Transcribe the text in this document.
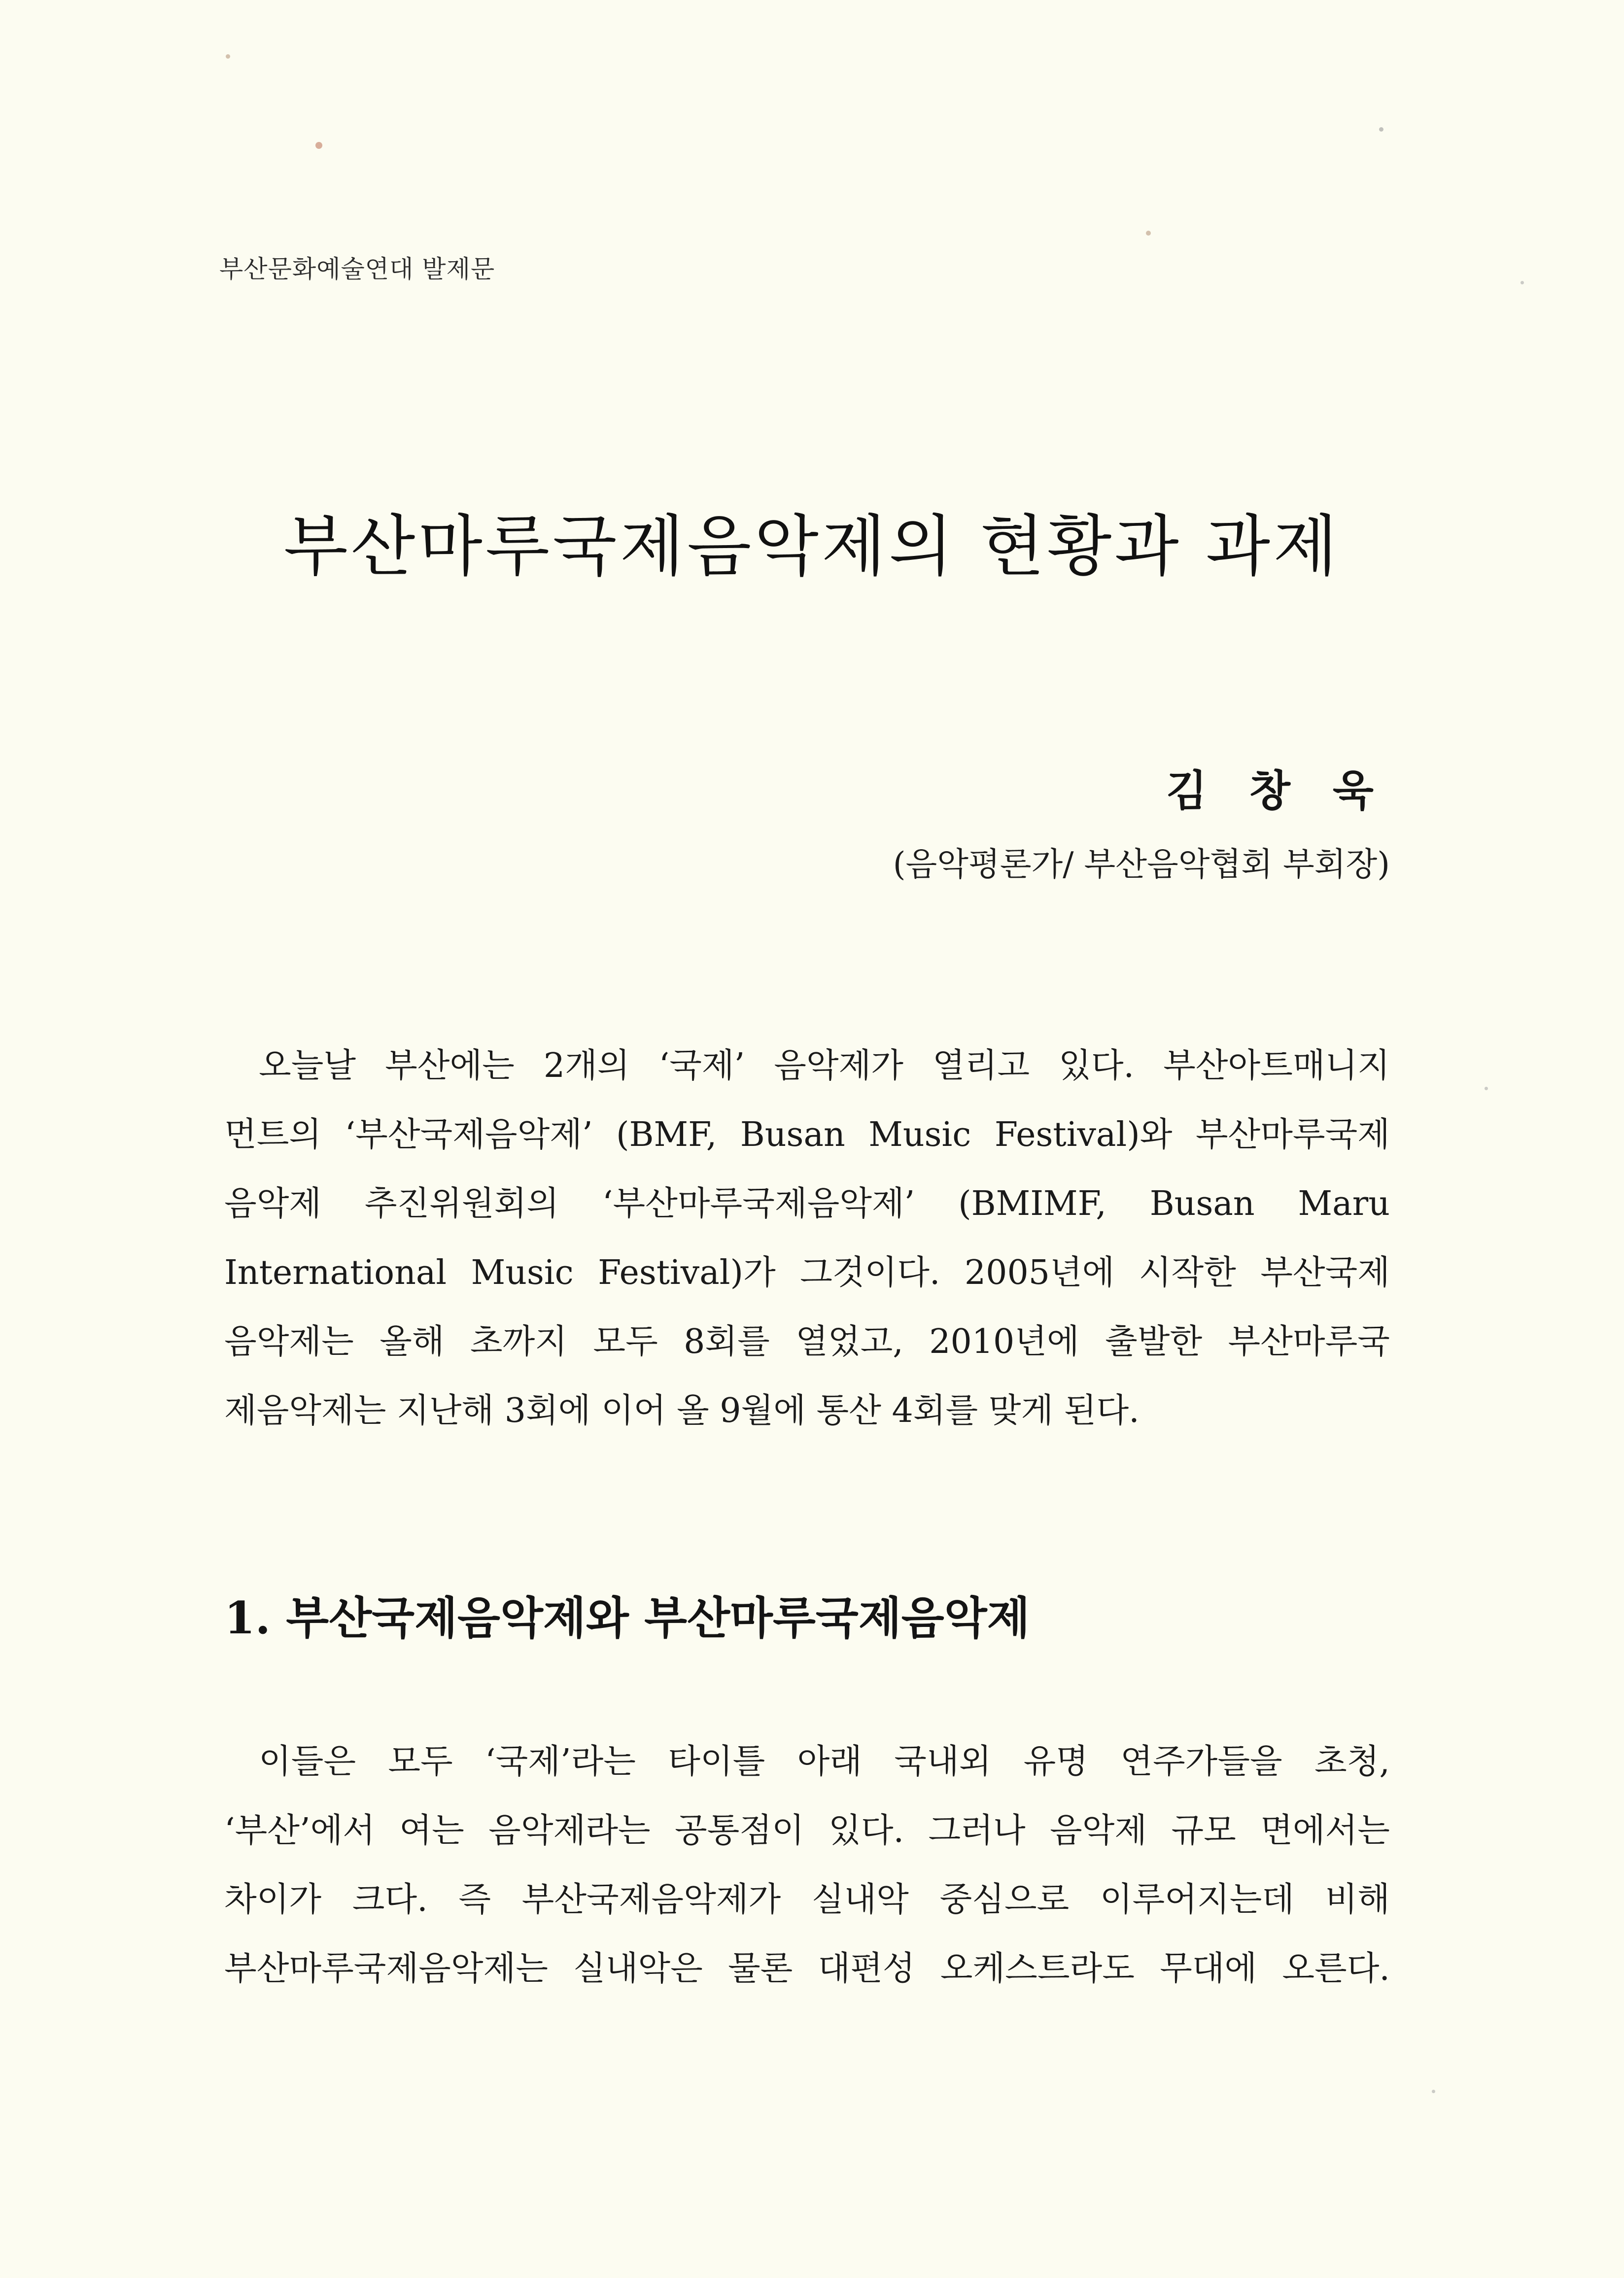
부산문화예술연대 발제문
부산마루국제음악제의 현황과 과제
김 창 욱
(음악평론가/ 부산음악협회 부회장)
오늘날 부산에는 2개의 ‘국제’ 음악제가 열리고 있다. 부산아트매니지
먼트의 ‘부산국제음악제’ (BMF, Busan Music Festival)와 부산마루국제
음악제 추진위원회의 ‘부산마루국제음악제’ (BMIMF, Busan Maru
International Music Festival)가 그것이다. 2005년에 시작한 부산국제
음악제는 올해 초까지 모두 8회를 열었고, 2010년에 출발한 부산마루국
제음악제는 지난해 3회에 이어 올 9월에 통산 4회를 맞게 된다.
1. 부산국제음악제와 부산마루국제음악제
이들은 모두 ‘국제’라는 타이틀 아래 국내외 유명 연주가들을 초청,
‘부산’에서 여는 음악제라는 공통점이 있다. 그러나 음악제 규모 면에서는
차이가 크다. 즉 부산국제음악제가 실내악 중심으로 이루어지는데 비해
부산마루국제음악제는 실내악은 물론 대편성 오케스트라도 무대에 오른다.
